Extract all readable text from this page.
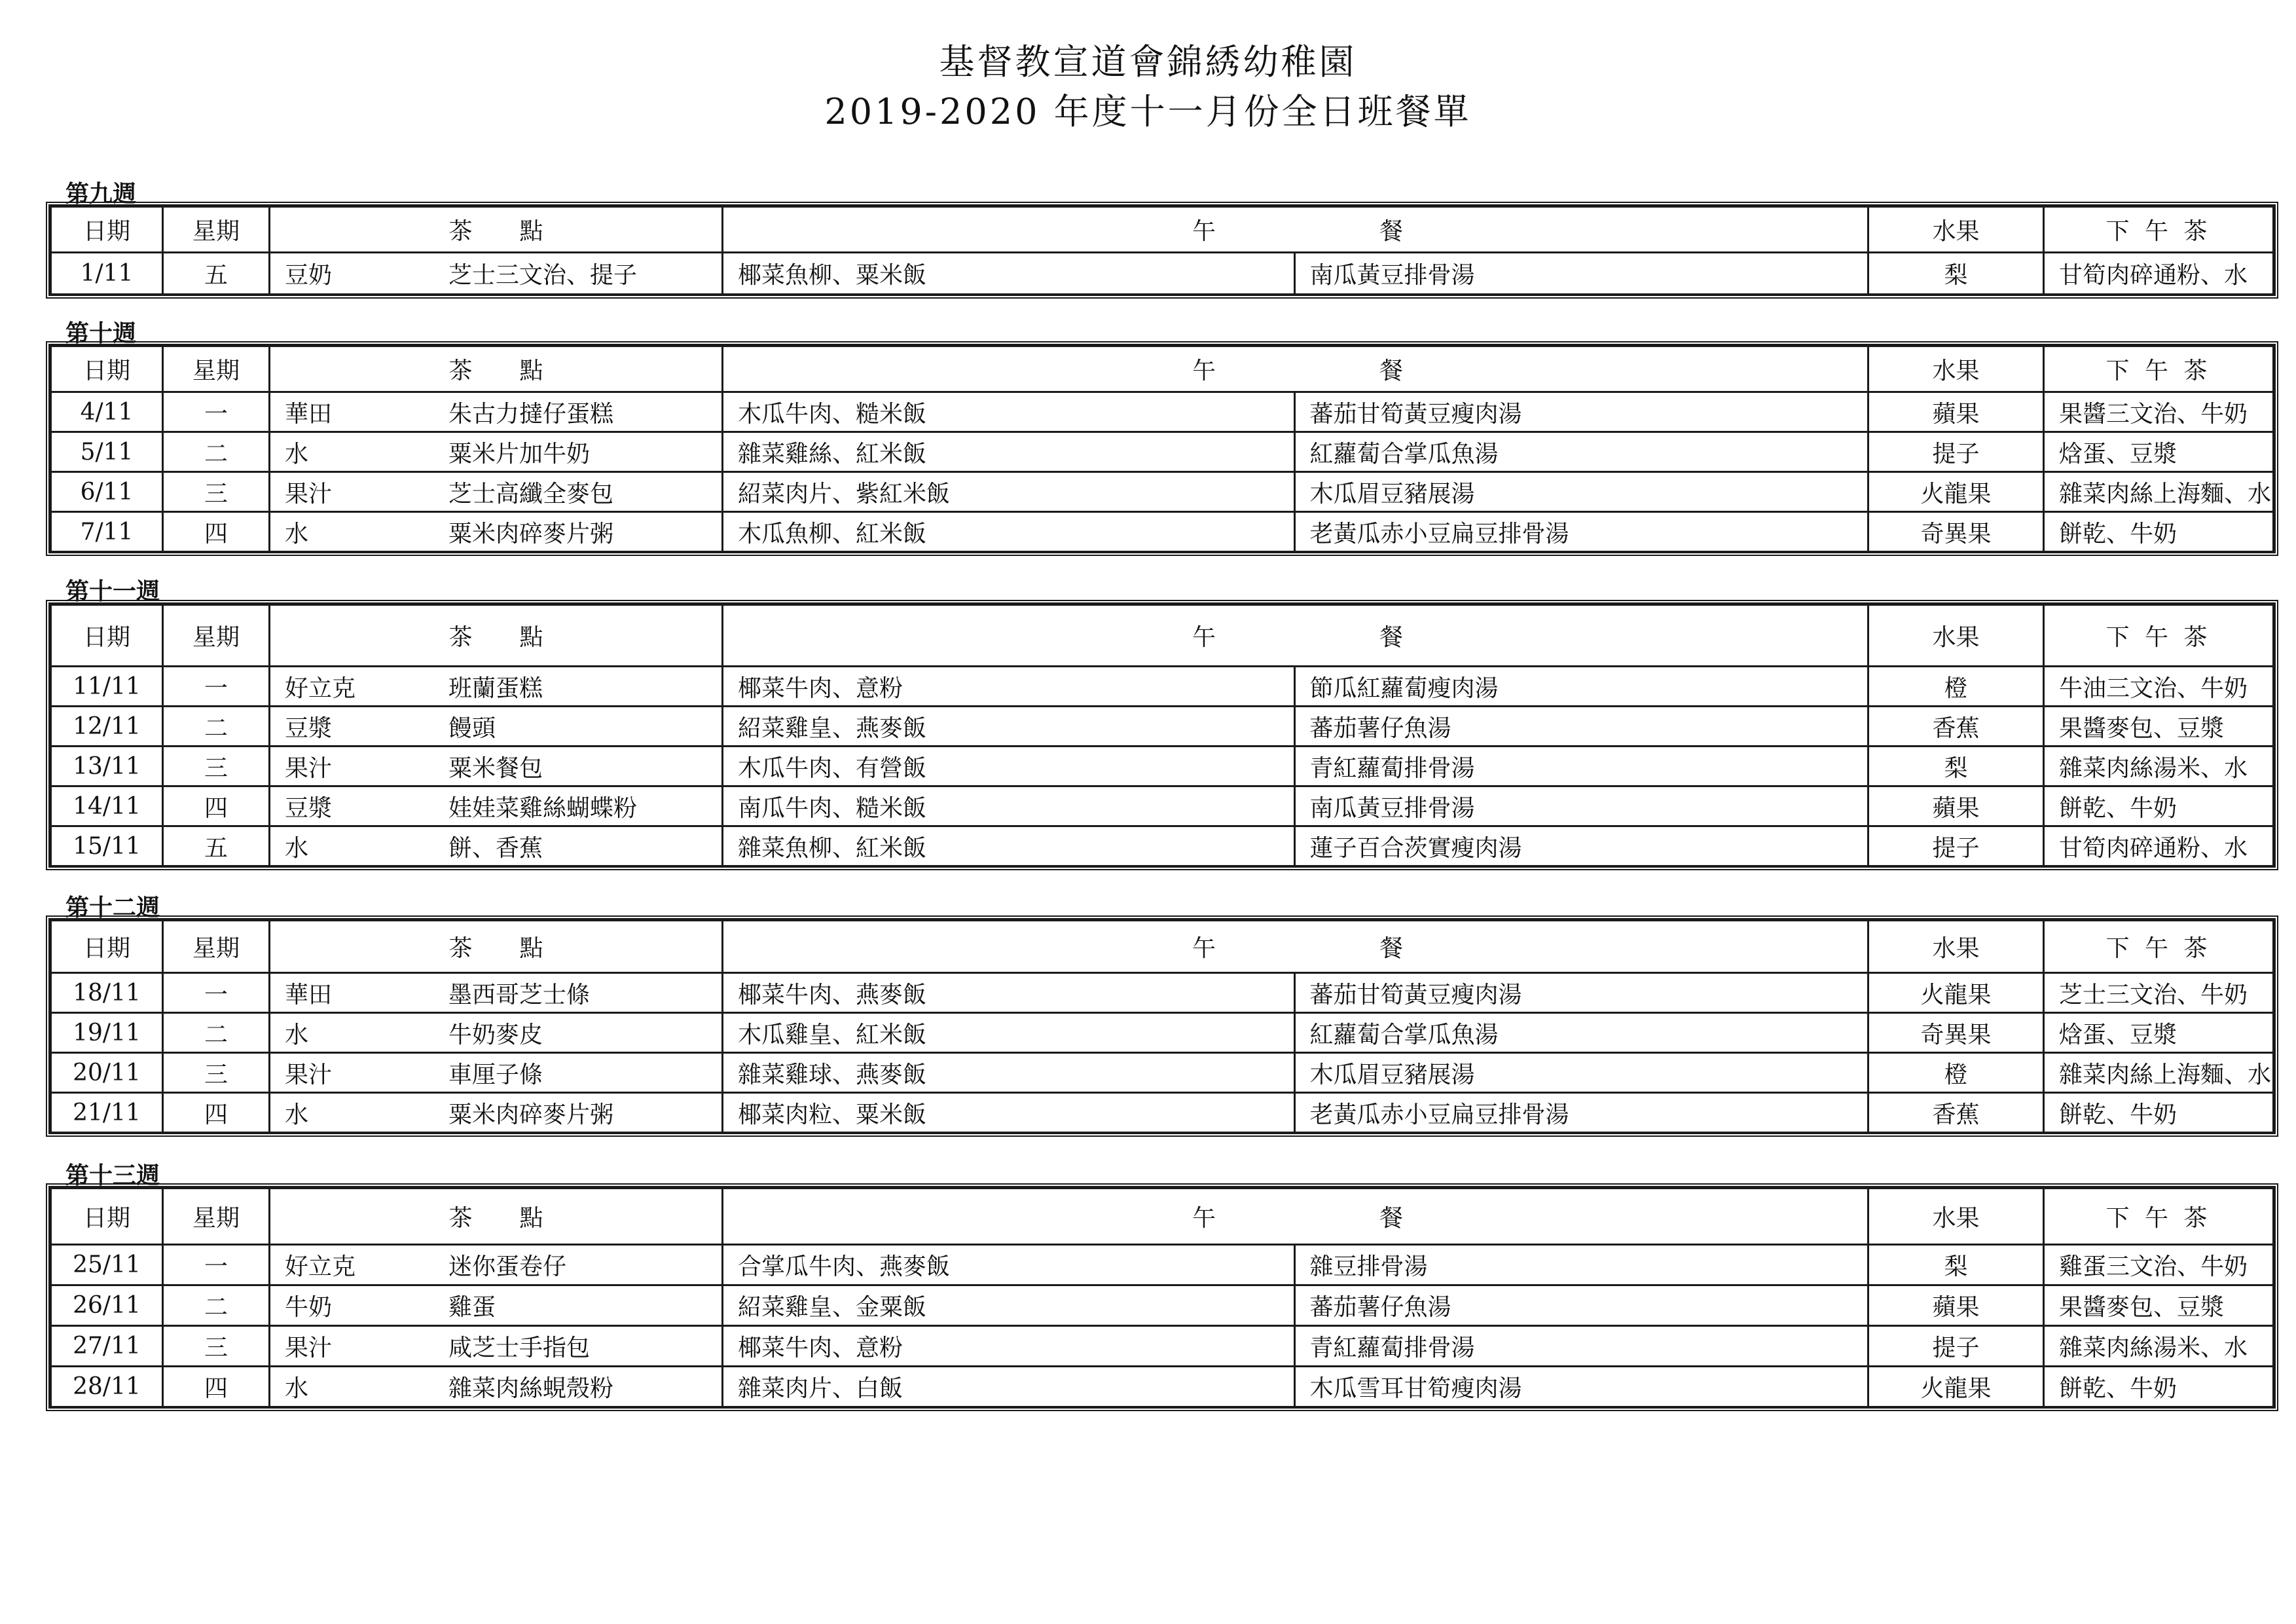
基督教宣道會錦綉幼稚園
2019-2020 年度十一月份全日班餐單
第九週
日期	星期	茶　　點	午	餐	水果	下 午 茶
1/11	五	豆奶 芝士三文治、提子	椰菜魚柳、粟米飯	南瓜黃豆排骨湯	梨	甘筍肉碎通粉、水
第十週
日期	星期	茶　　點	午	餐	水果	下 午 茶
4/11	一	華田 朱古力撻仔蛋糕	木瓜牛肉、糙米飯	蕃茄甘筍黃豆瘦肉湯	蘋果	果醬三文治、牛奶
5/11	二	水 粟米片加牛奶	雜菜雞絲、紅米飯	紅蘿蔔合掌瓜魚湯	提子	焓蛋、豆漿
6/11	三	果汁 芝士高纖全麥包	紹菜肉片、紫紅米飯	木瓜眉豆豬展湯	火龍果	雜菜肉絲上海麵、水
7/11	四	水 粟米肉碎麥片粥	木瓜魚柳、紅米飯	老黃瓜赤小豆扁豆排骨湯	奇異果	餅乾、牛奶
第十一週
日期	星期	茶　　點	午	餐	水果	下 午 茶
11/11	一	好立克 班蘭蛋糕	椰菜牛肉、意粉	節瓜紅蘿蔔瘦肉湯	橙	牛油三文治、牛奶
12/11	二	豆漿 饅頭	紹菜雞皇、燕麥飯	蕃茄薯仔魚湯	香蕉	果醬麥包、豆漿
13/11	三	果汁 粟米餐包	木瓜牛肉、有營飯	青紅蘿蔔排骨湯	梨	雜菜肉絲湯米、水
14/11	四	豆漿 娃娃菜雞絲蝴蝶粉	南瓜牛肉、糙米飯	南瓜黃豆排骨湯	蘋果	餅乾、牛奶
15/11	五	水 餅、香蕉	雜菜魚柳、紅米飯	蓮子百合茨實瘦肉湯	提子	甘筍肉碎通粉、水
第十二週
日期	星期	茶　　點	午	餐	水果	下 午 茶
18/11	一	華田 墨西哥芝士條	椰菜牛肉、燕麥飯	蕃茄甘筍黃豆瘦肉湯	火龍果	芝士三文治、牛奶
19/11	二	水 牛奶麥皮	木瓜雞皇、紅米飯	紅蘿蔔合掌瓜魚湯	奇異果	焓蛋、豆漿
20/11	三	果汁 車厘子條	雜菜雞球、燕麥飯	木瓜眉豆豬展湯	橙	雜菜肉絲上海麵、水
21/11	四	水 粟米肉碎麥片粥	椰菜肉粒、粟米飯	老黃瓜赤小豆扁豆排骨湯	香蕉	餅乾、牛奶
第十三週
日期	星期	茶　　點	午	餐	水果	下 午 茶
25/11	一	好立克 迷你蛋卷仔	合掌瓜牛肉、燕麥飯	雜豆排骨湯	梨	雞蛋三文治、牛奶
26/11	二	牛奶 雞蛋	紹菜雞皇、金粟飯	蕃茄薯仔魚湯	蘋果	果醬麥包、豆漿
27/11	三	果汁 咸芝士手指包	椰菜牛肉、意粉	青紅蘿蔔排骨湯	提子	雜菜肉絲湯米、水
28/11	四	水 雜菜肉絲蜆殼粉	雜菜肉片、白飯	木瓜雪耳甘筍瘦肉湯	火龍果	餅乾、牛奶
